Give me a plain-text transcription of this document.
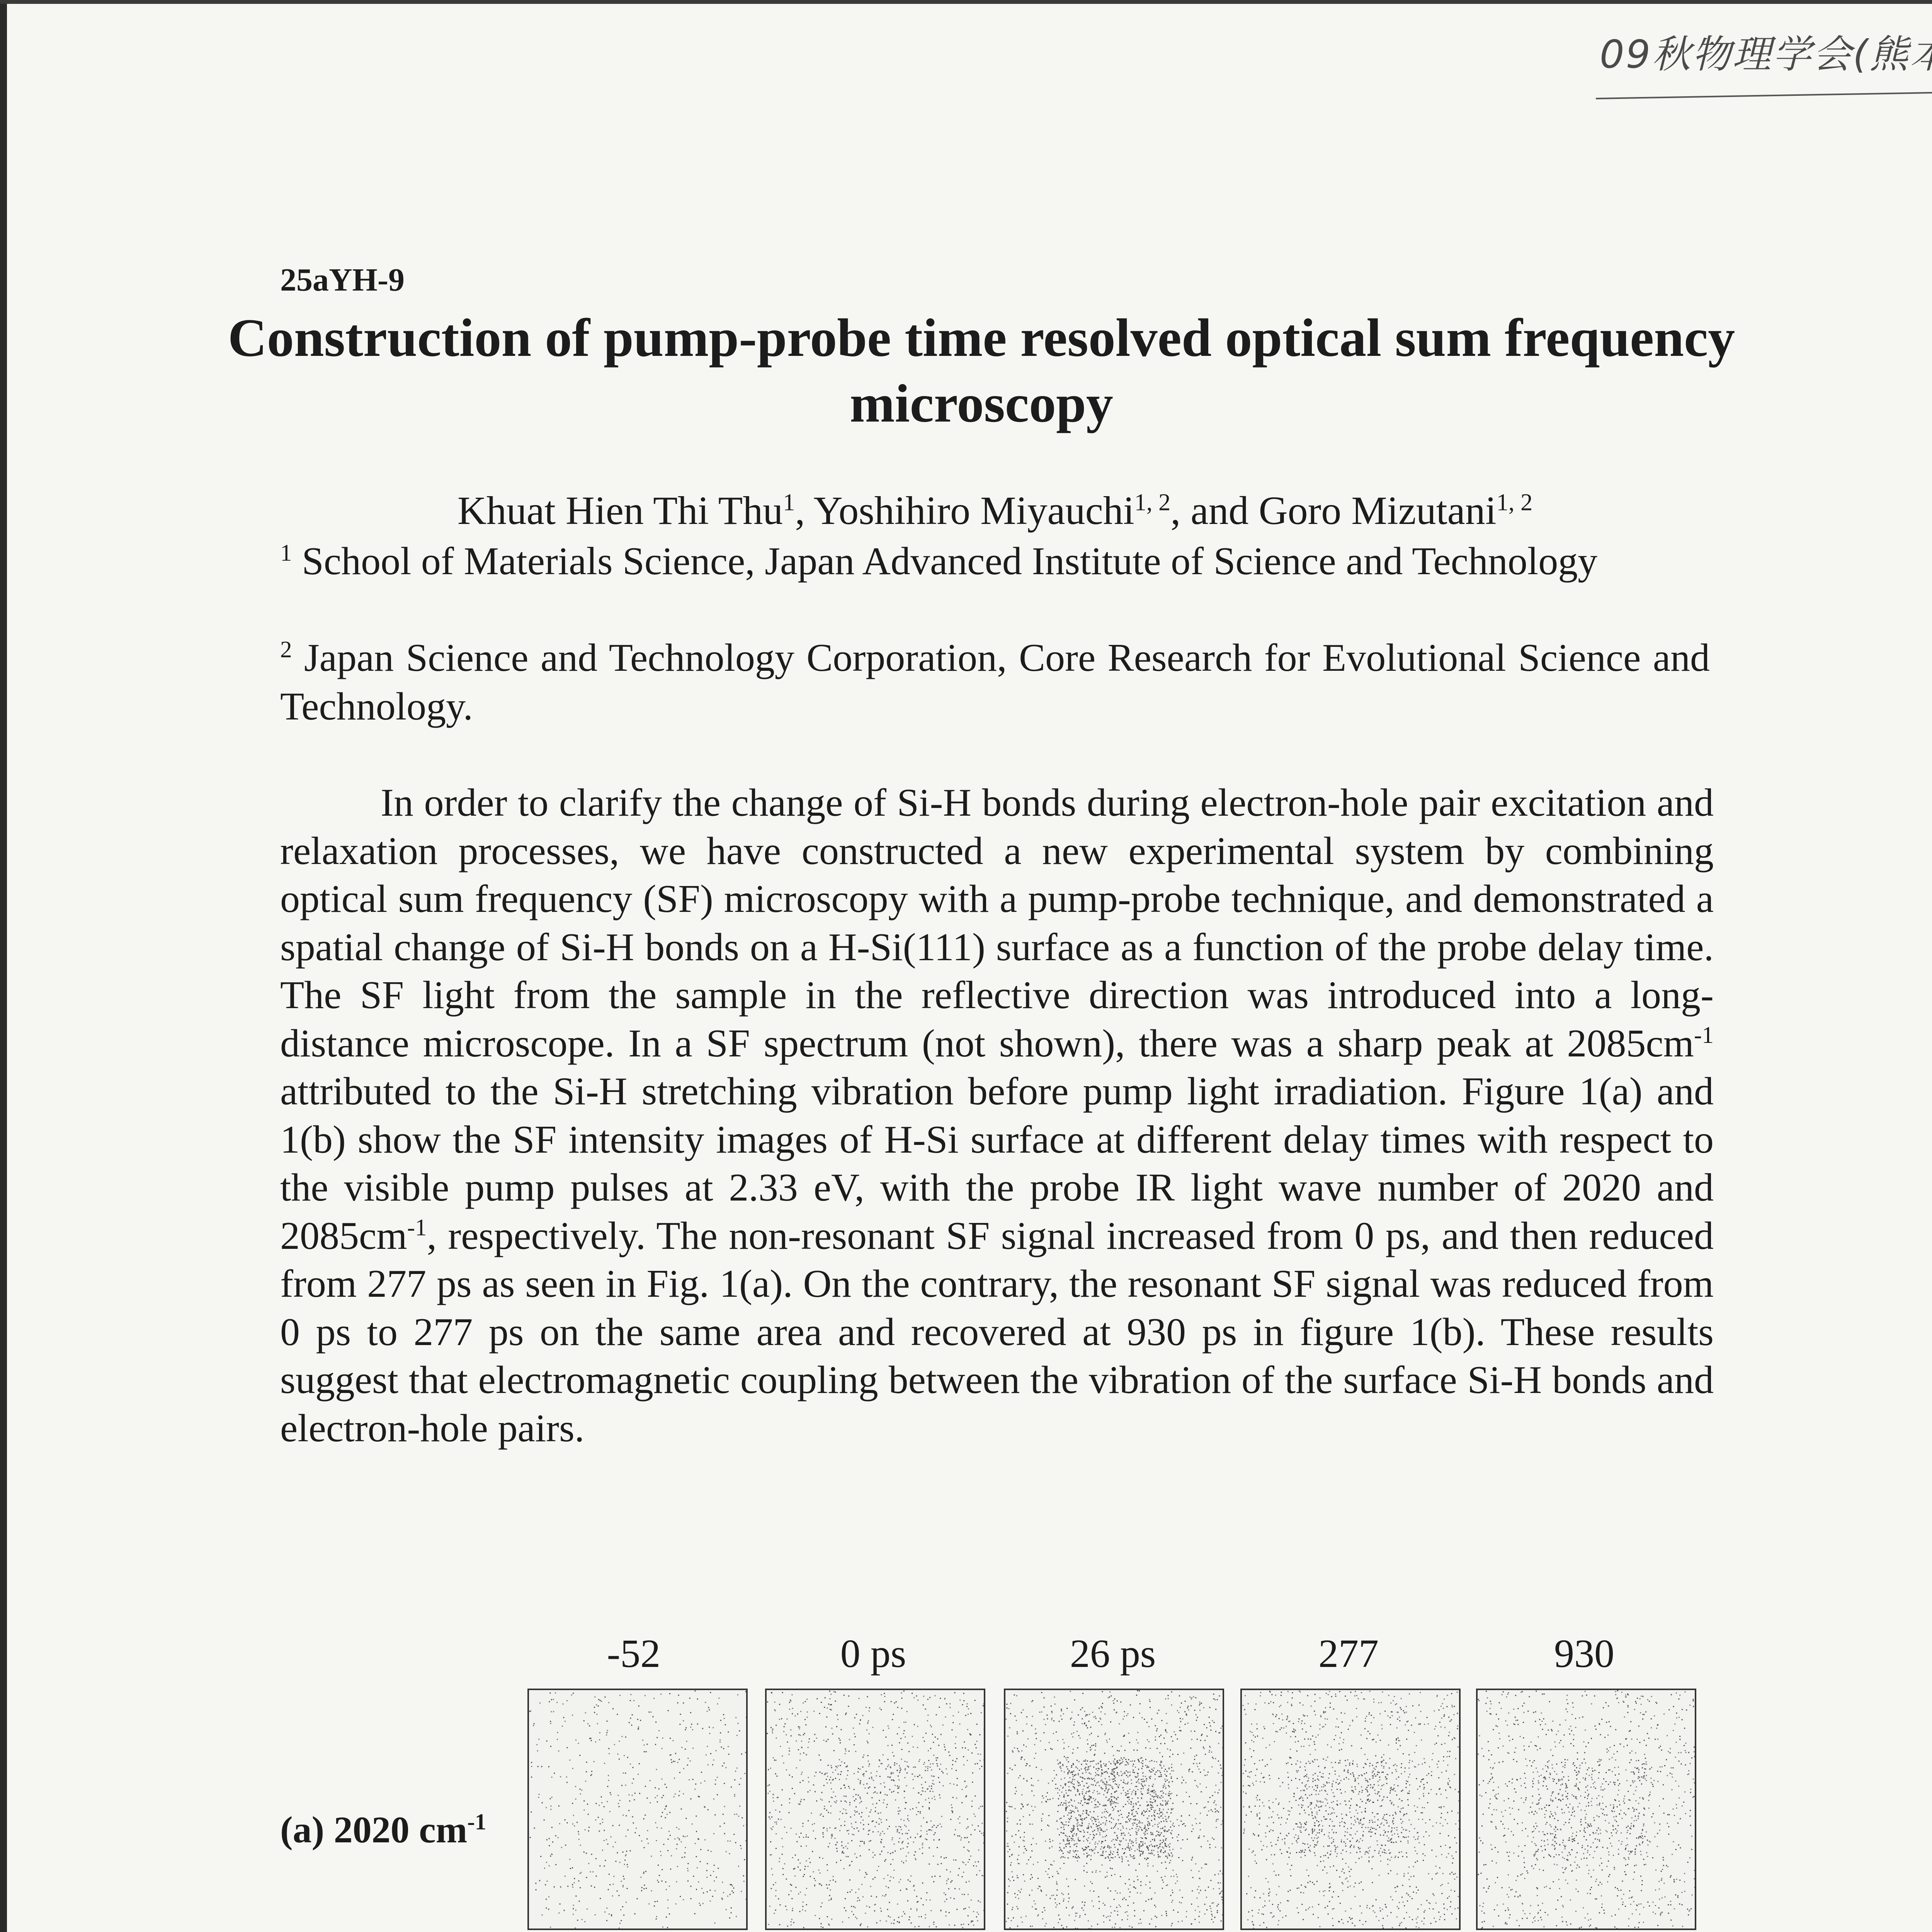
09秋物理学会(熊本)
25aYH-9
Construction of pump-probe time resolved optical sum frequency microscopy
Khuat Hien Thi Thu$^1$, Yoshihiro Miyauchi$^{1, 2}$, and Goro Mizutani$^{1, 2}$
$^1$ School of Materials Science, Japan Advanced Institute of Science and Technology
$^2$ Japan Science and Technology Corporation, Core Research for Evolutional Science and Technology.
In order to clarify the change of Si-H bonds during electron-hole pair excitation and relaxation processes, we have constructed a new experimental system by combining optical sum frequency (SF) microscopy with a pump-probe technique, and demonstrated a spatial change of Si-H bonds on a H-Si(111) surface as a function of the probe delay time. The SF light from the sample in the reflective direction was introduced into a long-distance microscope. In a SF spectrum (not shown), there was a sharp peak at $2085cm^{-1}$ attributed to the Si-H stretching vibration before pump light irradiation. Figure 1(a) and 1(b) show the SF intensity images of H-Si surface at different delay times with respect to the visible pump pulses at 2.33 eV, with the probe IR light wave number of 2020 and $2085cm^{-1}$, respectively. The non-resonant SF signal increased from 0 ps, and then reduced from 277 ps as seen in Fig. 1(a). On the contrary, the resonant SF signal was reduced from 0 ps to 277 ps on the same area and recovered at 930 ps in figure 1(b). These results suggest that electromagnetic coupling between the vibration of the surface Si-H bonds and electron-hole pairs.
-52	0 ps	26 ps	277	930
(a) 2020 $cm^{-1}$
